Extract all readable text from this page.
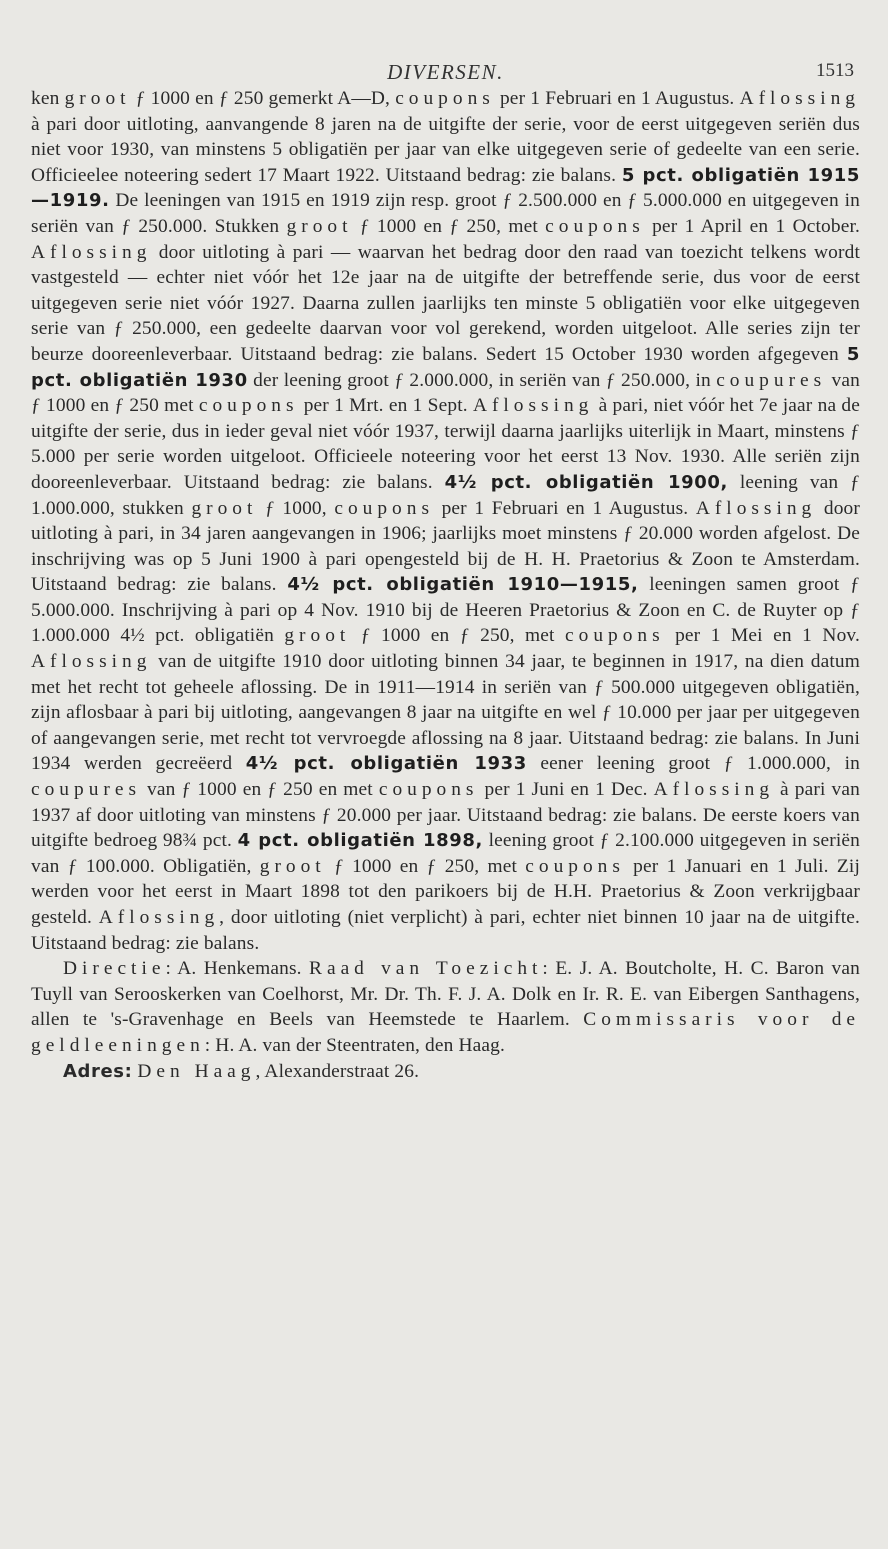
DIVERSEN.	1513

ken groot ƒ 1000 en ƒ 250 gemerkt A—D, coupons per 1 Februari en 1 Augustus. Aflossing à pari door uitloting, aanvangende 8 jaren na de uitgifte der serie, voor de eerst uitgegeven seriën dus niet voor 1930, van minstens 5 obligatiën per jaar van elke uitgegeven serie of gedeelte van een serie. Officieelee noteering sedert 17 Maart 1922. Uitstaand bedrag: zie balans. 5 pct. obligatiën 1915—1919. De leeningen van 1915 en 1919 zijn resp. groot ƒ 2.500.000 en ƒ 5.000.000 en uitgegeven in seriën van ƒ 250.000. Stukken groot ƒ 1000 en ƒ 250, met coupons per 1 April en 1 October. Aflossing door uitloting à pari — waarvan het bedrag door den raad van toezicht telkens wordt vastgesteld — echter niet vóór het 12e jaar na de uitgifte der betreffende serie, dus voor de eerst uitgegeven serie niet vóór 1927. Daarna zullen jaarlijks ten minste 5 obligatiën voor elke uitgegeven serie van ƒ 250.000, een gedeelte daarvan voor vol gerekend, worden uitgeloot. Alle series zijn ter beurze dooreenleverbaar. Uitstaand bedrag: zie balans. Sedert 15 October 1930 worden afgegeven 5 pct. obligatiën 1930 der leening groot ƒ 2.000.000, in seriën van ƒ 250.000, in coupures van ƒ 1000 en ƒ 250 met coupons per 1 Mrt. en 1 Sept. Aflossing à pari, niet vóór het 7e jaar na de uitgifte der serie, dus in ieder geval niet vóór 1937, terwijl daarna jaarlijks uiterlijk in Maart, minstens ƒ 5.000 per serie worden uitgeloot. Officieele noteering voor het eerst 13 Nov. 1930. Alle seriën zijn dooreenleverbaar. Uitstaand bedrag: zie balans. 4½ pct. obligatiën 1900, leening van ƒ 1.000.000, stukken groot ƒ 1000, coupons per 1 Februari en 1 Augustus. Aflossing door uitloting à pari, in 34 jaren aangevangen in 1906; jaarlijks moet minstens ƒ 20.000 worden afgelost. De inschrijving was op 5 Juni 1900 à pari opengesteld bij de H. H. Praetorius & Zoon te Amsterdam. Uitstaand bedrag: zie balans. 4½ pct. obligatiën 1910—1915, leeningen samen groot ƒ 5.000.000. Inschrijving à pari op 4 Nov. 1910 bij de Heeren Praetorius & Zoon en C. de Ruyter op ƒ 1.000.000 4½ pct. obligatiën groot ƒ 1000 en ƒ 250, met coupons per 1 Mei en 1 Nov. Aflossing van de uitgifte 1910 door uitloting binnen 34 jaar, te beginnen in 1917, na dien datum met het recht tot geheele aflossing. De in 1911—1914 in seriën van ƒ 500.000 uitgegeven obligatiën, zijn aflosbaar à pari bij uitloting, aangevangen 8 jaar na uitgifte en wel ƒ 10.000 per jaar per uitgegeven of aangevangen serie, met recht tot vervroegde aflossing na 8 jaar. Uitstaand bedrag: zie balans. In Juni 1934 werden gecreëerd 4½ pct. obligatiën 1933 eener leening groot ƒ 1.000.000, in coupures van ƒ 1000 en ƒ 250 en met coupons per 1 Juni en 1 Dec. Aflossing à pari van 1937 af door uitloting van minstens ƒ 20.000 per jaar. Uitstaand bedrag: zie balans. De eerste koers van uitgifte bedroeg 98¾ pct. 4 pct. obligatiën 1898, leening groot ƒ 2.100.000 uitgegeven in seriën van ƒ 100.000. Obligatiën, groot ƒ 1000 en ƒ 250, met coupons per 1 Januari en 1 Juli. Zij werden voor het eerst in Maart 1898 tot den parikoers bij de H.H. Praetorius & Zoon verkrijgbaar gesteld. Aflossing, door uitloting (niet verplicht) à pari, echter niet binnen 10 jaar na de uitgifte. Uitstaand bedrag: zie balans.

Directie: A. Henkemans. Raad van Toezicht: E. J. A. Boutcholte, H. C. Baron van Tuyll van Serooskerken van Coelhorst, Mr. Dr. Th. F. J. A. Dolk en Ir. R. E. van Eibergen Santhagens, allen te 's-Gravenhage en Beels van Heemstede te Haarlem. Commissaris voor de geldleeningen: H. A. van der Steentraten, den Haag.

Adres: Den Haag, Alexanderstraat 26.
